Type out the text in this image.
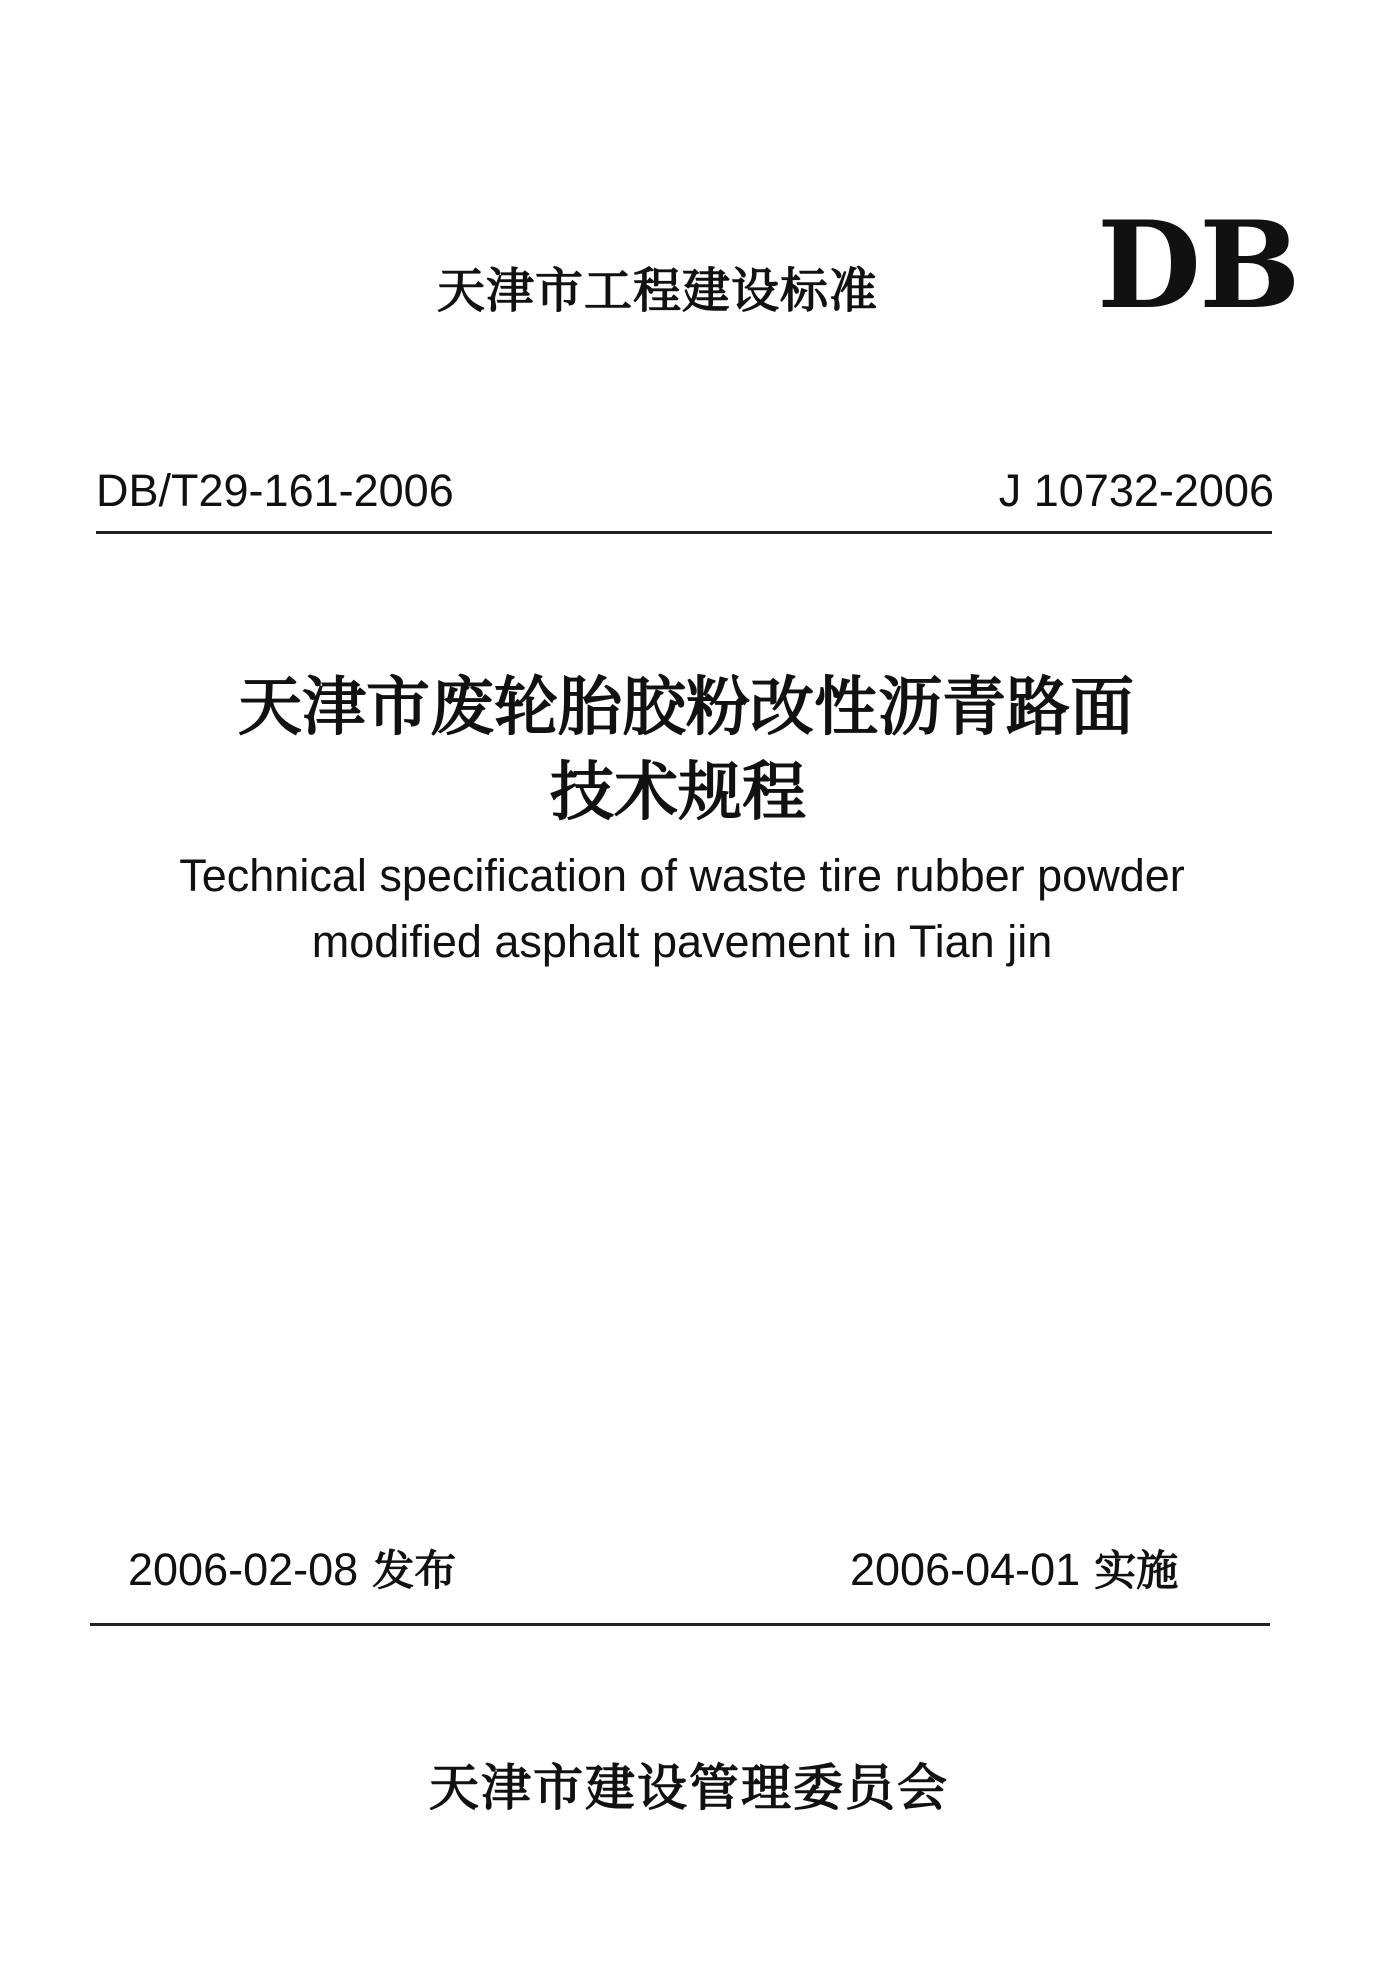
天津市工程建设标准 DB
DB/T29-161-2006	J 10732-2006
天津市废轮胎胶粉改性沥青路面
技术规程
Technical specification of waste tire rubber powder
modified asphalt pavement in Tian jin
2006-02-08 发布	2006-04-01 实施
天津市建设管理委员会
